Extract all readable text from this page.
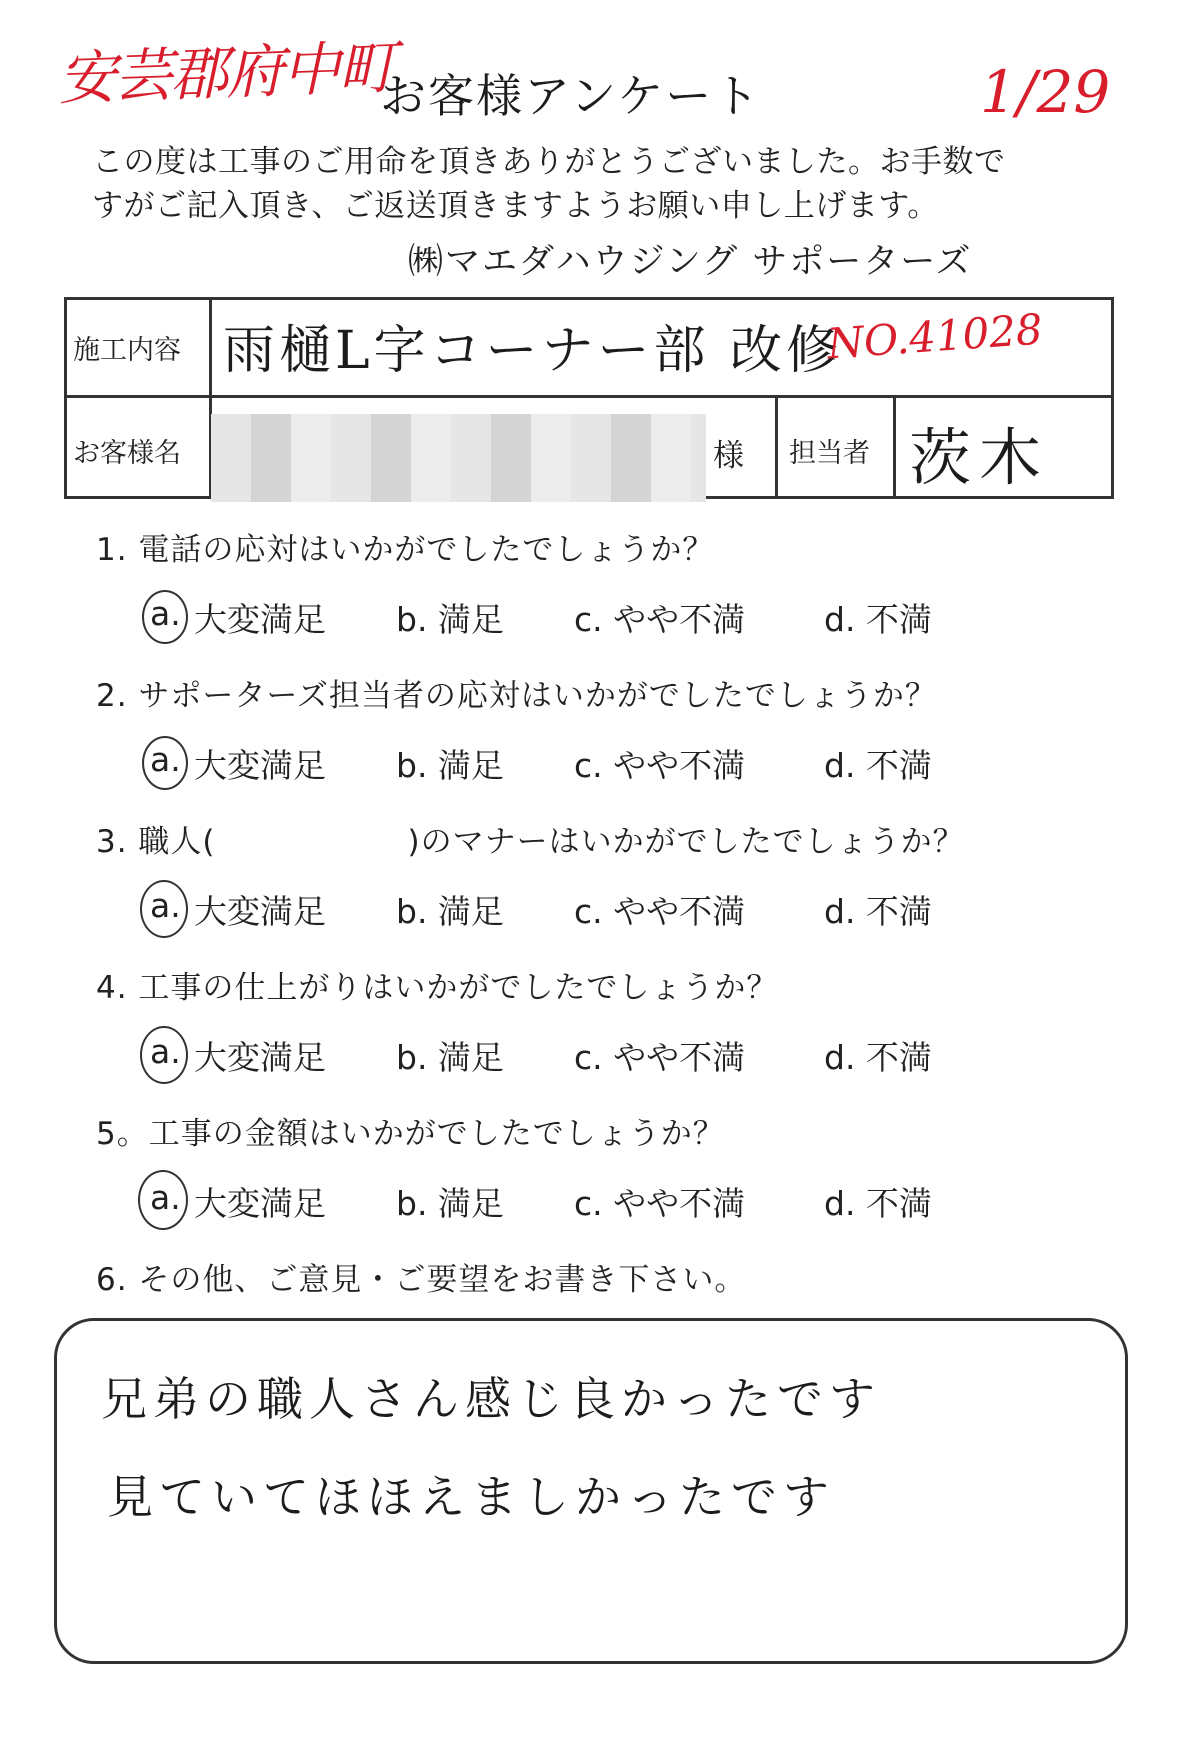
安芸郡府中町
お客様アンケート	1/29
この度は工事のご用命を頂きありがとうございました。お手数で
すがご記入頂き、ご返送頂きますようお願い申し上げます。
㈱マエダハウジング サポーターズ
施工内容 雨樋L字コーナー部 改修
NO.41028
お客様名	様 担当者 茨木
1. 電話の応対はいかがでしたでしょうか？
a. 大変満足 b. 満足 c. やや不満 d. 不満
2. サポーターズ担当者の応対はいかがでしたでしょうか？
a. 大変満足 b. 満足 c. やや不満 d. 不満
3. 職人(　　　　　　)のマナーはいかがでしたでしょうか？
a. 大変満足 b. 満足 c. やや不満 d. 不満
4. 工事の仕上がりはいかがでしたでしょうか？
a. 大変満足 b. 満足 c. やや不満 d. 不満
5。工事の金額はいかがでしたでしょうか？
a. 大変満足 b. 満足 c. やや不満 d. 不満
6. その他、ご意見・ご要望をお書き下さい。
兄弟の職人さん感じ良かったです
見ていてほほえましかったです
